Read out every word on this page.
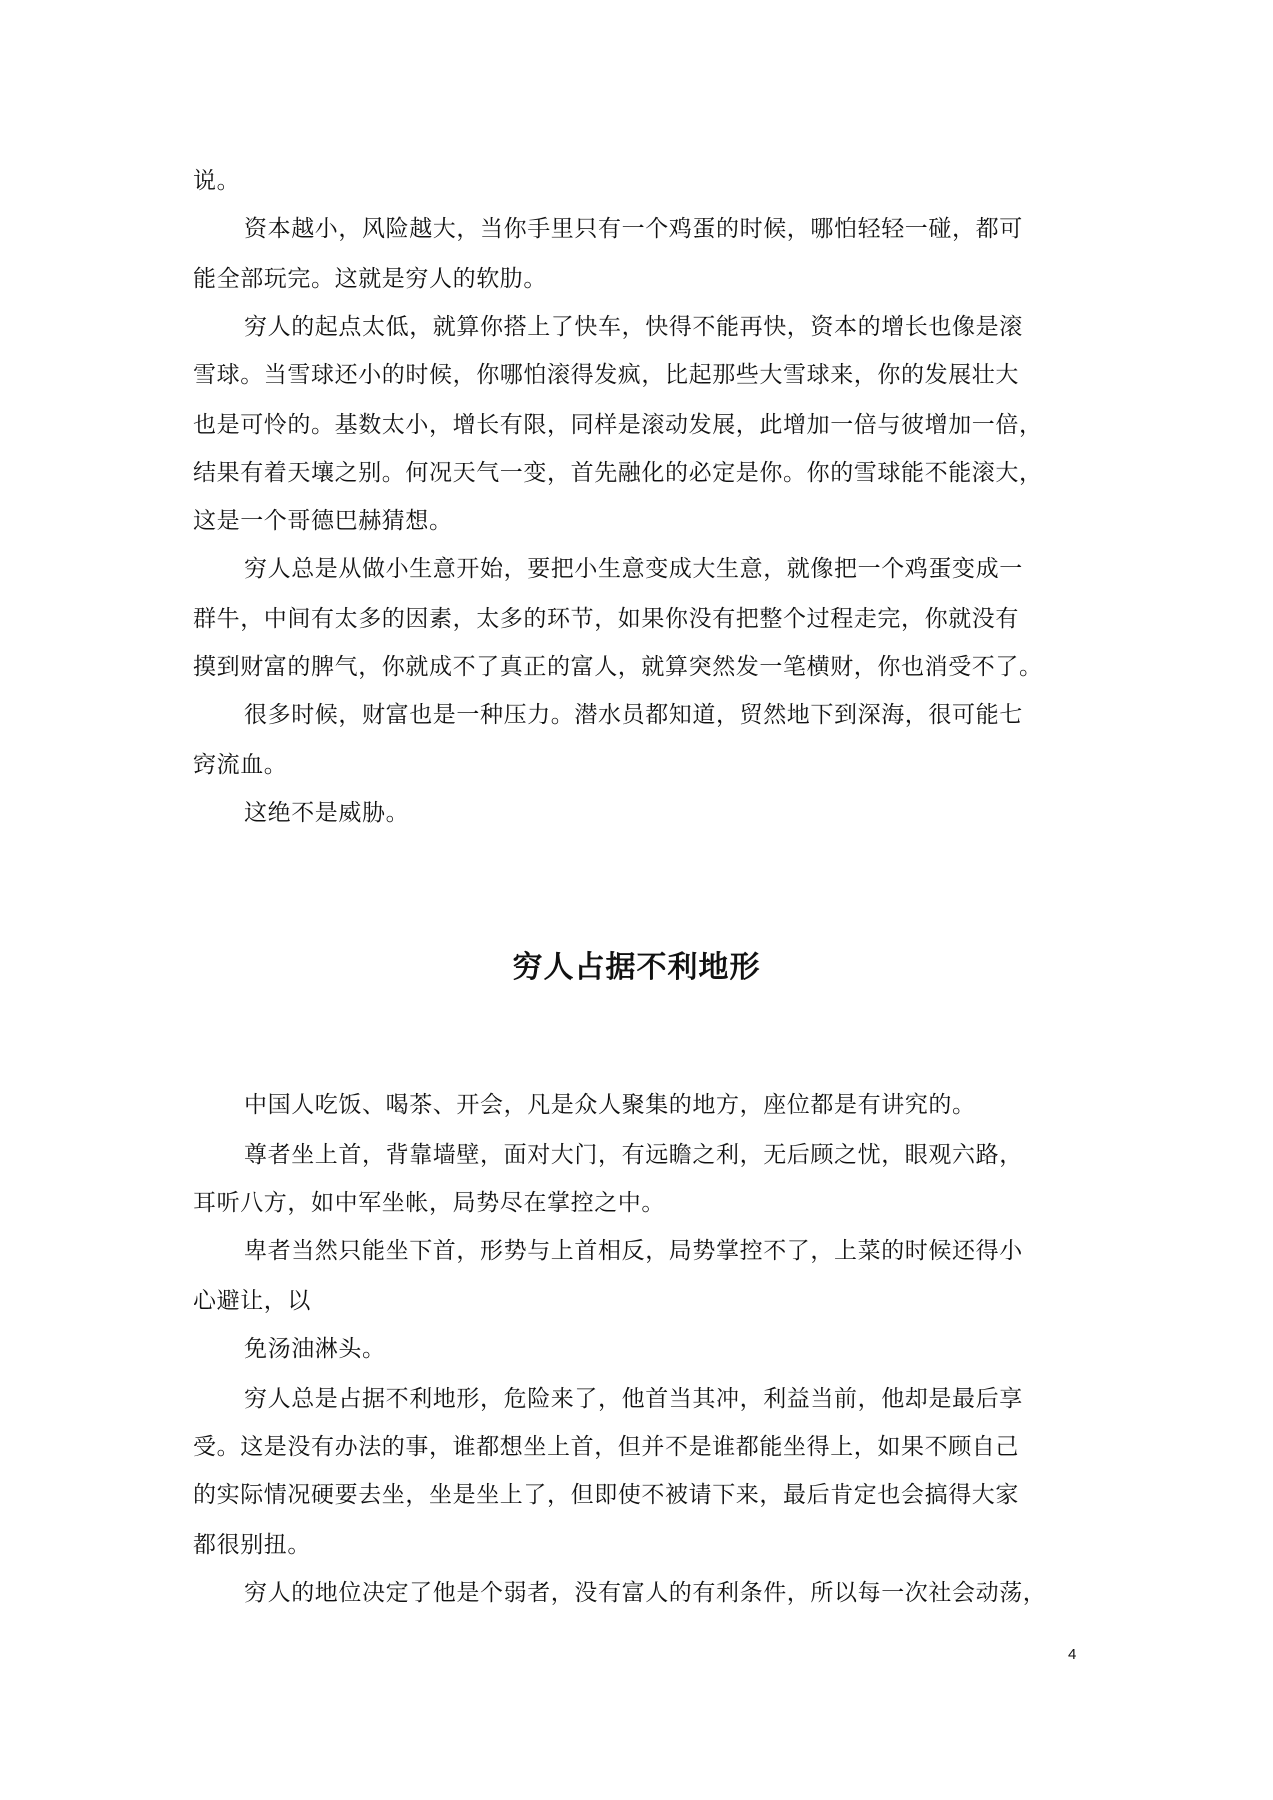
说。
资本越小，风险越大，当你手里只有一个鸡蛋的时候，哪怕轻轻一碰，都可
能全部玩完。这就是穷人的软肋。
穷人的起点太低，就算你搭上了快车，快得不能再快，资本的增长也像是滚
雪球。当雪球还小的时候，你哪怕滚得发疯，比起那些大雪球来，你的发展壮大
也是可怜的。基数太小，增长有限，同样是滚动发展，此增加一倍与彼增加一倍，
结果有着天壤之别。何况天气一变，首先融化的必定是你。你的雪球能不能滚大，
这是一个哥德巴赫猜想。
穷人总是从做小生意开始，要把小生意变成大生意，就像把一个鸡蛋变成一
群牛，中间有太多的因素，太多的环节，如果你没有把整个过程走完，你就没有
摸到财富的脾气，你就成不了真正的富人，就算突然发一笔横财，你也消受不了。
很多时候，财富也是一种压力。潜水员都知道，贸然地下到深海，很可能七
窍流血。
这绝不是威胁。
穷人占据不利地形
中国人吃饭、喝茶、开会，凡是众人聚集的地方，座位都是有讲究的。
尊者坐上首，背靠墙壁，面对大门，有远瞻之利，无后顾之忧，眼观六路，
耳听八方，如中军坐帐，局势尽在掌控之中。
卑者当然只能坐下首，形势与上首相反，局势掌控不了，上菜的时候还得小
心避让，以
免汤油淋头。
穷人总是占据不利地形，危险来了，他首当其冲，利益当前，他却是最后享
受。这是没有办法的事，谁都想坐上首，但并不是谁都能坐得上，如果不顾自己
的实际情况硬要去坐，坐是坐上了，但即使不被请下来，最后肯定也会搞得大家
都很别扭。
穷人的地位决定了他是个弱者，没有富人的有利条件，所以每一次社会动荡，
4
